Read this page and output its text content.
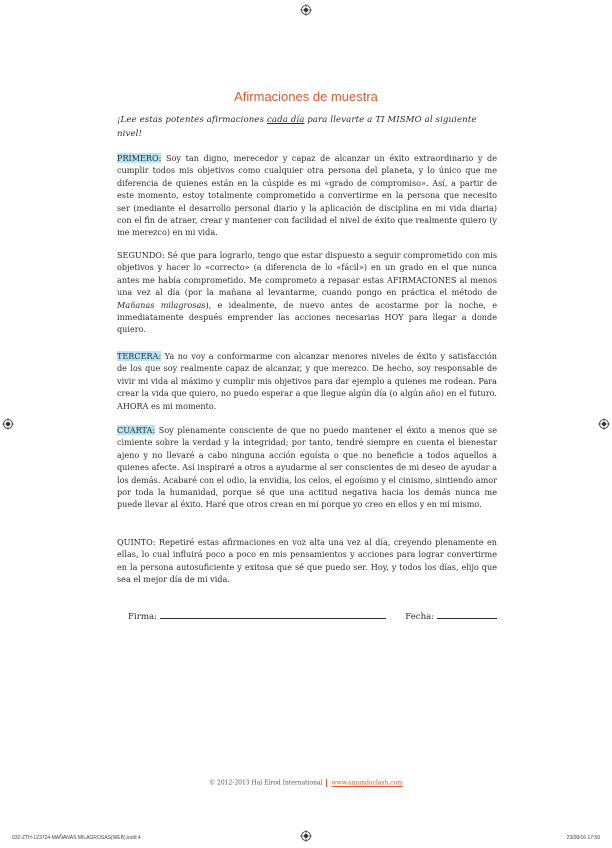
Afirmaciones de muestra
¡Lee estas potentes afirmaciones cada día para llevarte a TI MISMO al siguiente nivel!
PRIMERO: Soy tan digno, merecedor y capaz de alcanzar un éxito extraordinario y de cumplir todos mis objetivos como cualquier otra persona del planeta, y lo único que me diferencia de quienes están en la cúspide es mi «grado de compromiso». Así, a partir de este momento, estoy totalmente comprometido a convertirme en la persona que necesito ser (mediante el desarrollo personal diario y la aplicación de disciplina en mi vida diaria) con el fin de atraer, crear y mantener con facilidad el nivel de éxito que realmente quiero (y me merezco) en mi vida.
SEGUNDO: Sé que para lograrlo, tengo que estar dispuesto a seguir comprometido con mis objetivos y hacer lo «correcto» (a diferencia de lo «fácil») en un grado en el que nunca antes me había comprometido. Me comprometo a repasar estas AFIRMACIONES al menos una vez al día (por la mañana al levantarme, cuando pongo en práctica el método de Mañanas milagrosas), e idealmente, de nuevo antes de acostarme por la noche, e inmediatamente después emprender las acciones necesarias HOY para llegar a donde quiero.
TERCERA: Ya no voy a conformarme con alcanzar menores niveles de éxito y satisfacción de los que soy realmente capaz de alcanzar, y que merezco. De hecho, soy responsable de vivir mi vida al máximo y cumplir mis objetivos para dar ejemplo a quienes me rodean. Para crear la vida que quiero, no puedo esperar a que llegue algún día (o algún año) en el futuro. AHORA es mi momento.
CUARTA: Soy plenamente consciente de que no puedo mantener el éxito a menos que se cimiente sobre la verdad y la integridad; por tanto, tendré siempre en cuenta el bienestar ajeno y no llevaré a cabo ninguna acción egoísta o que no beneficie a todos aquellos a quienes afecte. Así inspiraré a otros a ayudarme al ser conscientes de mi deseo de ayudar a los demás. Acabaré con el odio, la envidia, los celos, el egoísmo y el cinismo, sintiendo amor por toda la humanidad, porque sé que una actitud negativa hacia los demás nunca me puede llevar al éxito. Haré que otros crean en mí porque yo creo en ellos y en mí mismo.
QUINTO: Repetiré estas afirmaciones en voz alta una vez al día, creyendo plenamente en ellas, lo cual influirá poco a poco en mis pensamientos y acciones para lograr convertirme en la persona autosuficiente y exitosa que sé que puedo ser. Hoy, y todos los días, elijo que sea el mejor día de mi vida.
Firma:	Fecha:
© 2012-2013 Hal Elrod International www.amundoclash.com
032-ZTH-123724-MAÑANAS MILAGROSAS(WEB).indd 4	23/08/16 17:50
